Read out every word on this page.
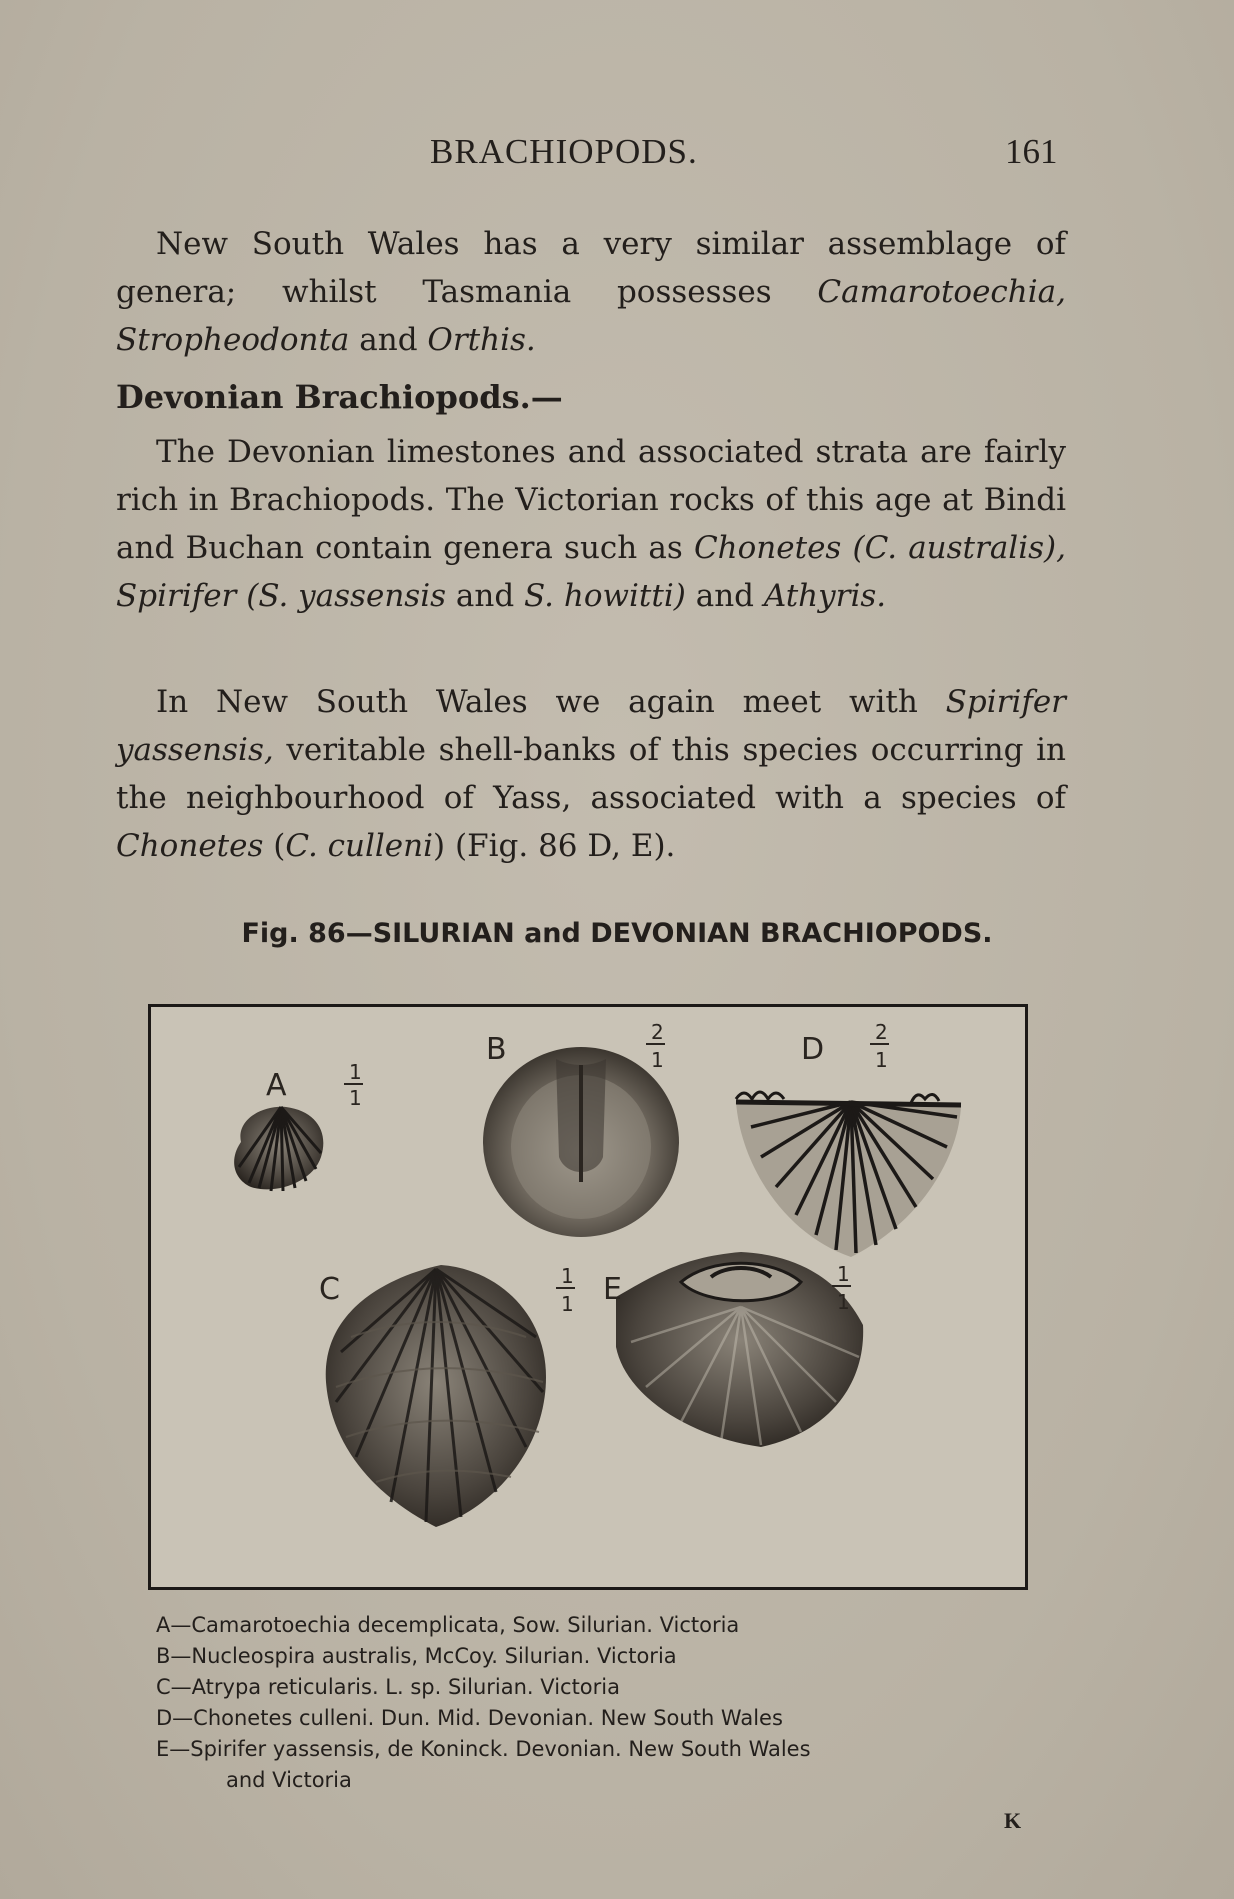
BRACHIOPODS.	161

New South Wales has a very similar assemblage of genera; whilst Tasmania possesses Camarotoechia, Stropheodonta and Orthis.

Devonian Brachiopods.—

The Devonian limestones and associated strata are fairly rich in Brachiopods. The Victorian rocks of this age at Bindi and Buchan contain genera such as Chonetes (C. australis), Spirifer (S. yassensis and S. howitti) and Athyris.

In New South Wales we again meet with Spirifer yassensis, veritable shell-banks of this species occurring in the neighbourhood of Yass, associated with a species of Chonetes (C. culleni) (Fig. 86 D, E).

Fig. 86—SILURIAN and DEVONIAN BRACHIOPODS.
A	1
1
B	2
1	D	2
1
C	1
1 E	1
1

A—Camarotoechia decemplicata, Sow. Silurian. Victoria

B—Nucleospira australis, McCoy. Silurian. Victoria

C—Atrypa reticularis. L. sp. Silurian. Victoria

D—Chonetes culleni. Dun. Mid. Devonian. New South Wales

E—Spirifer yassensis, de Koninck. Devonian. New South Wales

and Victoria

K
